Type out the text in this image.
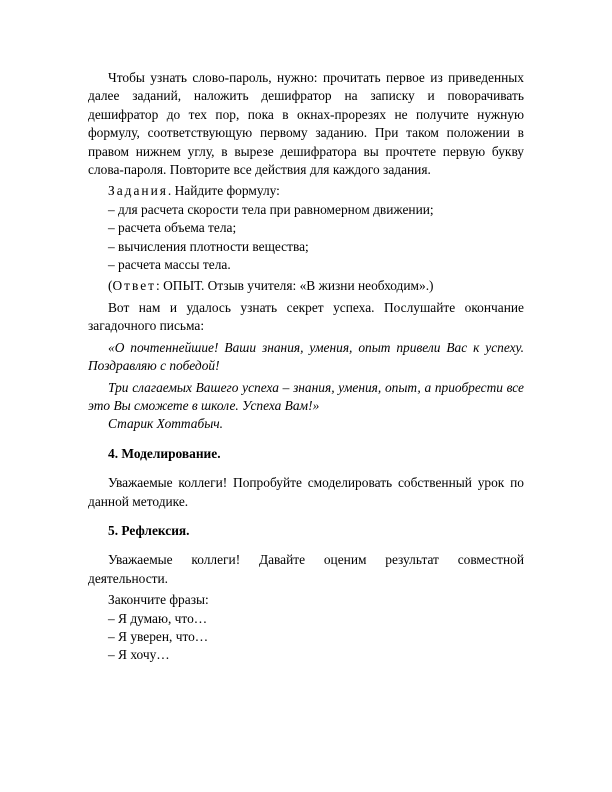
Чтобы узнать слово-пароль, нужно: прочитать первое из приведенных далее заданий, наложить дешифратор на записку и поворачивать дешифратор до тех пор, пока в окнах-прорезях не получите нужную формулу, соответствующую первому заданию. При таком положении в правом нижнем углу, в вырезе дешифратора вы прочтете первую букву слова-пароля. Повторите все действия для каждого задания.

Задания. Найдите формулу:

– для расчета скорости тела при равномерном движении;

– расчета объема тела;

– вычисления плотности вещества;

– расчета массы тела.

(Ответ: ОПЫТ. Отзыв учителя: «В жизни необходим».)

Вот нам и удалось узнать секрет успеха. Послушайте окончание загадочного письма:

«О почтеннейшие! Ваши знания, умения, опыт привели Вас к успеху. Поздравляю с победой!

Три слагаемых Вашего успеха – знания, умения, опыт, а приобрести все это Вы сможете в школе. Успеха Вам!»

Старик Хоттабыч.

4. Моделирование.

Уважаемые коллеги! Попробуйте смоделировать собственный урок по данной методике.

5. Рефлексия.

Уважаемые коллеги! Давайте оценим результат совместной деятельности.

Закончите фразы:

– Я думаю, что…

– Я уверен, что…

– Я хочу…
